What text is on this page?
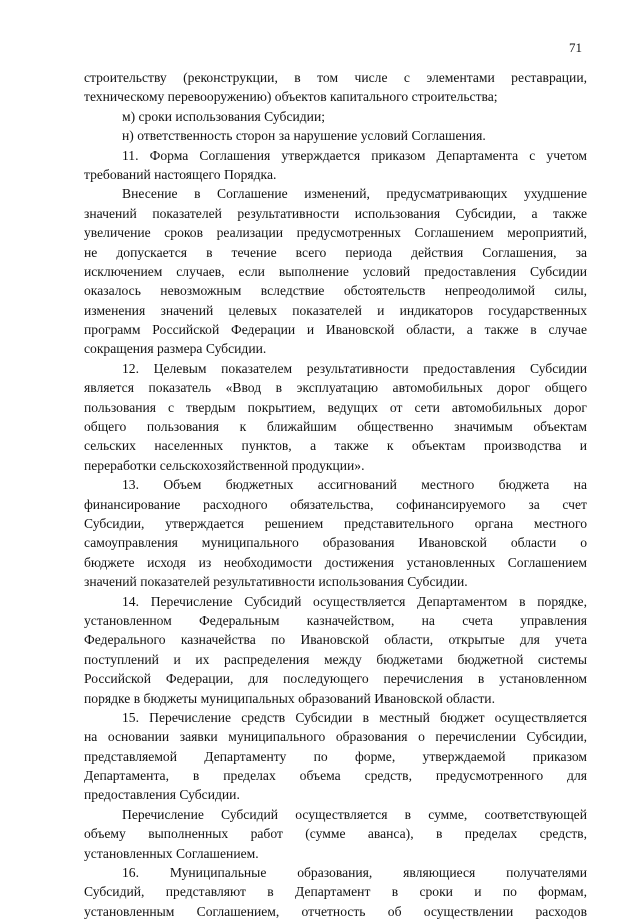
71
строительству (реконструкции, в том числе с элементами реставрации,
техническому перевооружению) объектов капитального строительства;
м) сроки использования Субсидии;
н) ответственность сторон за нарушение условий Соглашения.
11. Форма Соглашения утверждается приказом Департамента с учетом
требований настоящего Порядка.
Внесение в Соглашение изменений, предусматривающих ухудшение
значений показателей результативности использования Субсидии, а также
увеличение сроков реализации предусмотренных Соглашением мероприятий,
не допускается в течение всего периода действия Соглашения, за
исключением случаев, если выполнение условий предоставления Субсидии
оказалось невозможным вследствие обстоятельств непреодолимой силы,
изменения значений целевых показателей и индикаторов государственных
программ Российской Федерации и Ивановской области, а также в случае
сокращения размера Субсидии.
12. Целевым показателем результативности предоставления Субсидии
является показатель «Ввод в эксплуатацию автомобильных дорог общего
пользования с твердым покрытием, ведущих от сети автомобильных дорог
общего пользования к ближайшим общественно значимым объектам
сельских населенных пунктов, а также к объектам производства и
переработки сельскохозяйственной продукции».
13. Объем бюджетных ассигнований местного бюджета на
финансирование расходного обязательства, софинансируемого за счет
Субсидии, утверждается решением представительного органа местного
самоуправления муниципального образования Ивановской области о
бюджете исходя из необходимости достижения установленных Соглашением
значений показателей результативности использования Субсидии.
14. Перечисление Субсидий осуществляется Департаментом в порядке,
установленном Федеральным казначейством, на счета управления
Федерального казначейства по Ивановской области, открытые для учета
поступлений и их распределения между бюджетами бюджетной системы
Российской Федерации, для последующего перечисления в установленном
порядке в бюджеты муниципальных образований Ивановской области.
15. Перечисление средств Субсидии в местный бюджет осуществляется
на основании заявки муниципального образования о перечислении Субсидии,
представляемой Департаменту по форме, утверждаемой приказом
Департамента, в пределах объема средств, предусмотренного для
предоставления Субсидии.
Перечисление Субсидий осуществляется в сумме, соответствующей
объему выполненных работ (сумме аванса), в пределах средств,
установленных Соглашением.
16. Муниципальные образования, являющиеся получателями
Субсидий, представляют в Департамент в сроки и по формам,
установленным Соглашением, отчетность об осуществлении расходов
